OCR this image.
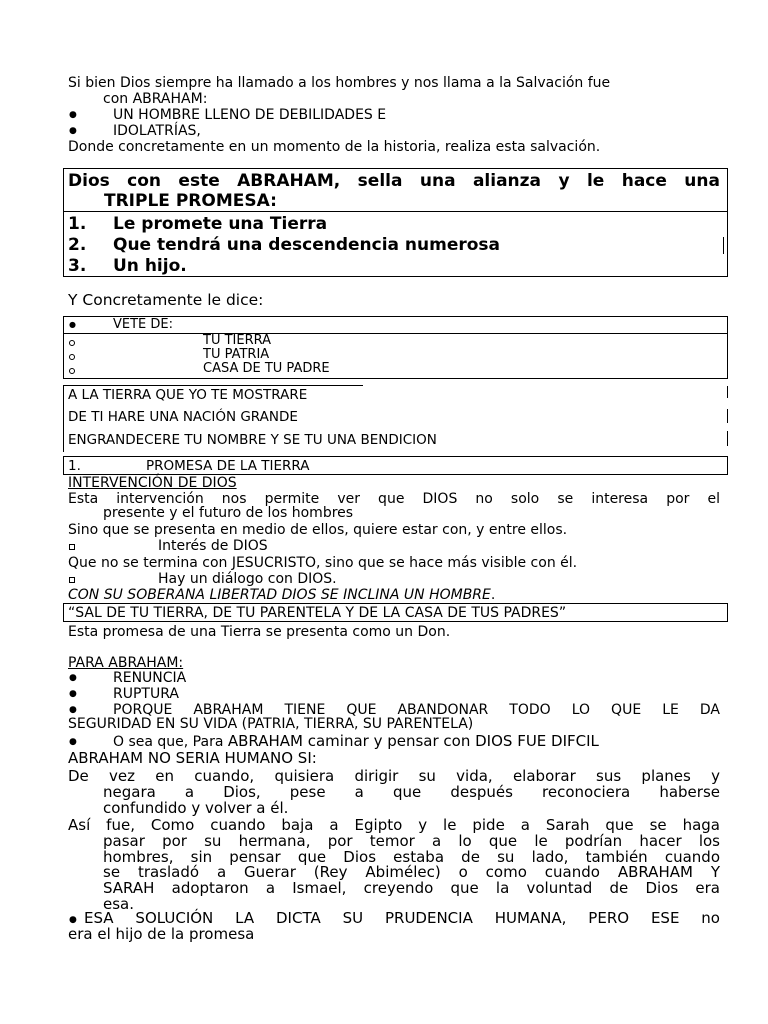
Si bien Dios siempre ha llamado a los hombres y nos llama a la Salvación fue
con ABRAHAM:
●	UN HOMBRE LLENO DE DEBILIDADES E
●	IDOLATRÍAS,
Donde concretamente en un momento de la historia, realiza esta salvación.
Dios con este ABRAHAM, sella una alianza y le hace una
TRIPLE PROMESA:
1. Le promete una Tierra
2. Que tendrá una descendencia numerosa
3. Un hijo.
Y Concretamente le dice:
●	VETE DE:
TU TIERRA
TU PATRIA
CASA DE TU PADRE
A LA TIERRA QUE YO TE MOSTRARE
DE TI HARE UNA NACIÓN GRANDE
ENGRANDECERE TU NOMBRE Y SE TU UNA BENDICION
1.	PROMESA DE LA TIERRA
INTERVENCIÓN DE DIOS
Esta intervención nos permite ver que DIOS no solo se interesa por el
presente y el futuro de los hombres
Sino que se presenta en medio de ellos, quiere estar con, y entre ellos.
Interés de DIOS
Que no se termina con JESUCRISTO, sino que se hace más visible con él.
Hay un diálogo con DIOS.
CON SU SOBERANA LIBERTAD DIOS SE INCLINA UN HOMBRE.
“SAL DE TU TIERRA, DE TU PARENTELA Y DE LA CASA DE TUS PADRES”
Esta promesa de una Tierra se presenta como un Don.
PARA ABRAHAM:
●	RENUNCIA
●	RUPTURA
●	PORQUE ABRAHAM TIENE QUE ABANDONAR TODO LO QUE LE DA
SEGURIDAD EN SU VIDA (PATRIA, TIERRA, SU PARENTELA)
●	O sea que, Para ABRAHAM caminar y pensar con DIOS FUE DIFCIL
ABRAHAM NO SERIA HUMANO SI:
De vez en cuando, quisiera dirigir su vida, elaborar sus planes y
negara a Dios, pese a que después reconociera haberse
confundido y volver a él.
Así fue, Como cuando baja a Egipto y le pide a Sarah que se haga
pasar por su hermana, por temor a lo que le podrían hacer los
hombres, sin pensar que Dios estaba de su lado, también cuando
se trasladó a Guerar (Rey Abimélec) o como cuando ABRAHAM Y
SARAH adoptaron a Ismael, creyendo que la voluntad de Dios era
esa.
● ESA SOLUCIÓN LA DICTA SU PRUDENCIA HUMANA, PERO ESE no
era el hijo de la promesa
